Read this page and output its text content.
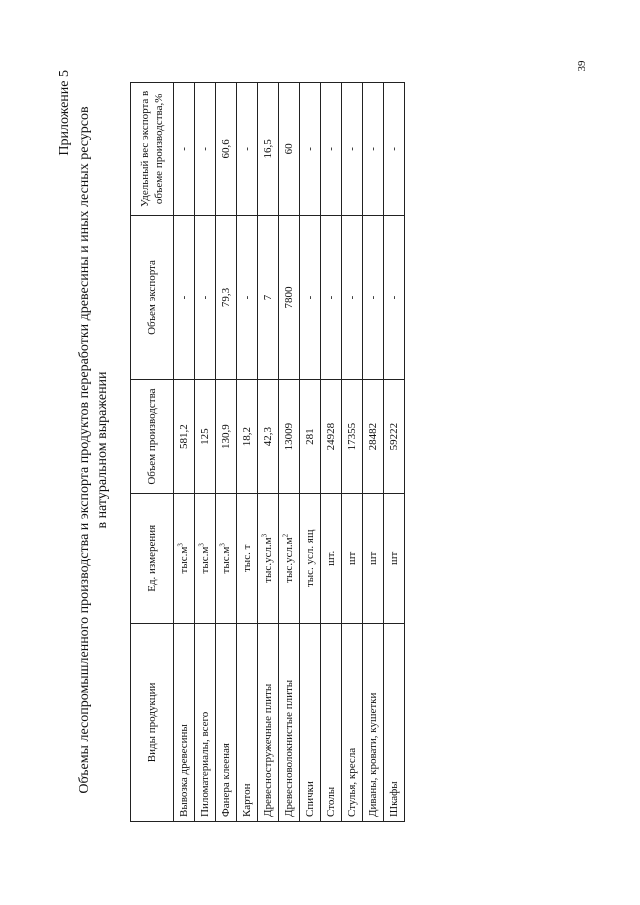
39
Приложение 5 Объемы лесопромышленного производства и экспорта продуктов переработки древесины и иных лесных ресурсов в натуральном выражении
Виды продукции	Ед. измерения	Объем производства	Объем экспорта	Удельный вес экспорта в объеме производства,%
Вывозка древесины	$тыс.м^3$	581,2	-	-
Пиломатериалы, всего	$тыс.м^3$	125	-	-
Фанера клееная	$тыс.м^3$	130,9	79,3	60,6
Картон	тыс. т	18,2	-	-
Древесностружечные плиты	$тыс.усл.м^3$	42,3	7	16,5
Древесноволокнистые плиты	$тыс.усл.м^2$	13009	7800	60
Спички	тыс. усл. ящ	281	-	-
Столы	шт.	24928	-	-
Стулья, кресла	шт	17355	-	-
Диваны, кровати, кушетки	шт	28482	-	-
Шкафы	шт	59222	-	-
